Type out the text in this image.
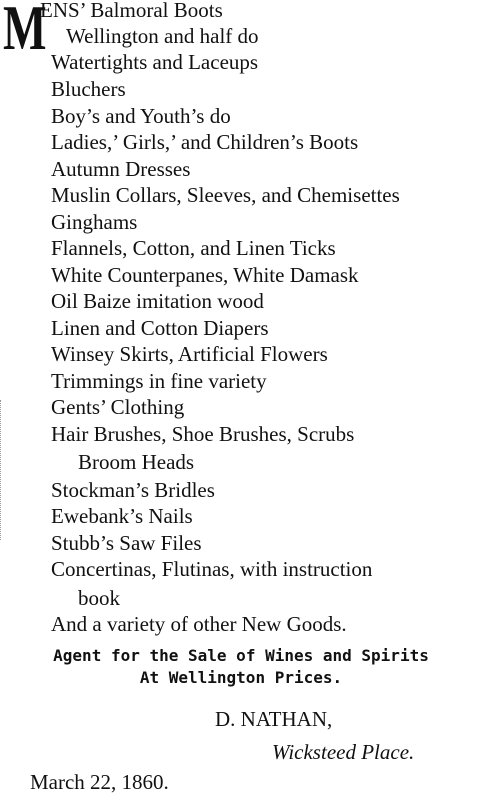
M
ENS’ Balmoral Boots
Wellington and half do
Watertights and Laceups
Bluchers
Boy’s and Youth’s do
Ladies,’ Girls,’ and Children’s Boots
Autumn Dresses
Muslin Collars, Sleeves, and Chemisettes
Ginghams
Flannels, Cotton, and Linen Ticks
White Counterpanes, White Damask
Oil Baize imitation wood
Linen and Cotton Diapers
Winsey Skirts, Artificial Flowers
Trimmings in fine variety
Gents’ Clothing
Hair Brushes, Shoe Brushes, Scrubs
Broom Heads
Stockman’s Bridles
Ewebank’s Nails
Stubb’s Saw Files
Concertinas, Flutinas, with instruction
book
And a variety of other New Goods.
Agent for the Sale of Wines and Spirits
At Wellington Prices.
D. NATHAN,
Wicksteed Place.
March 22, 1860.
